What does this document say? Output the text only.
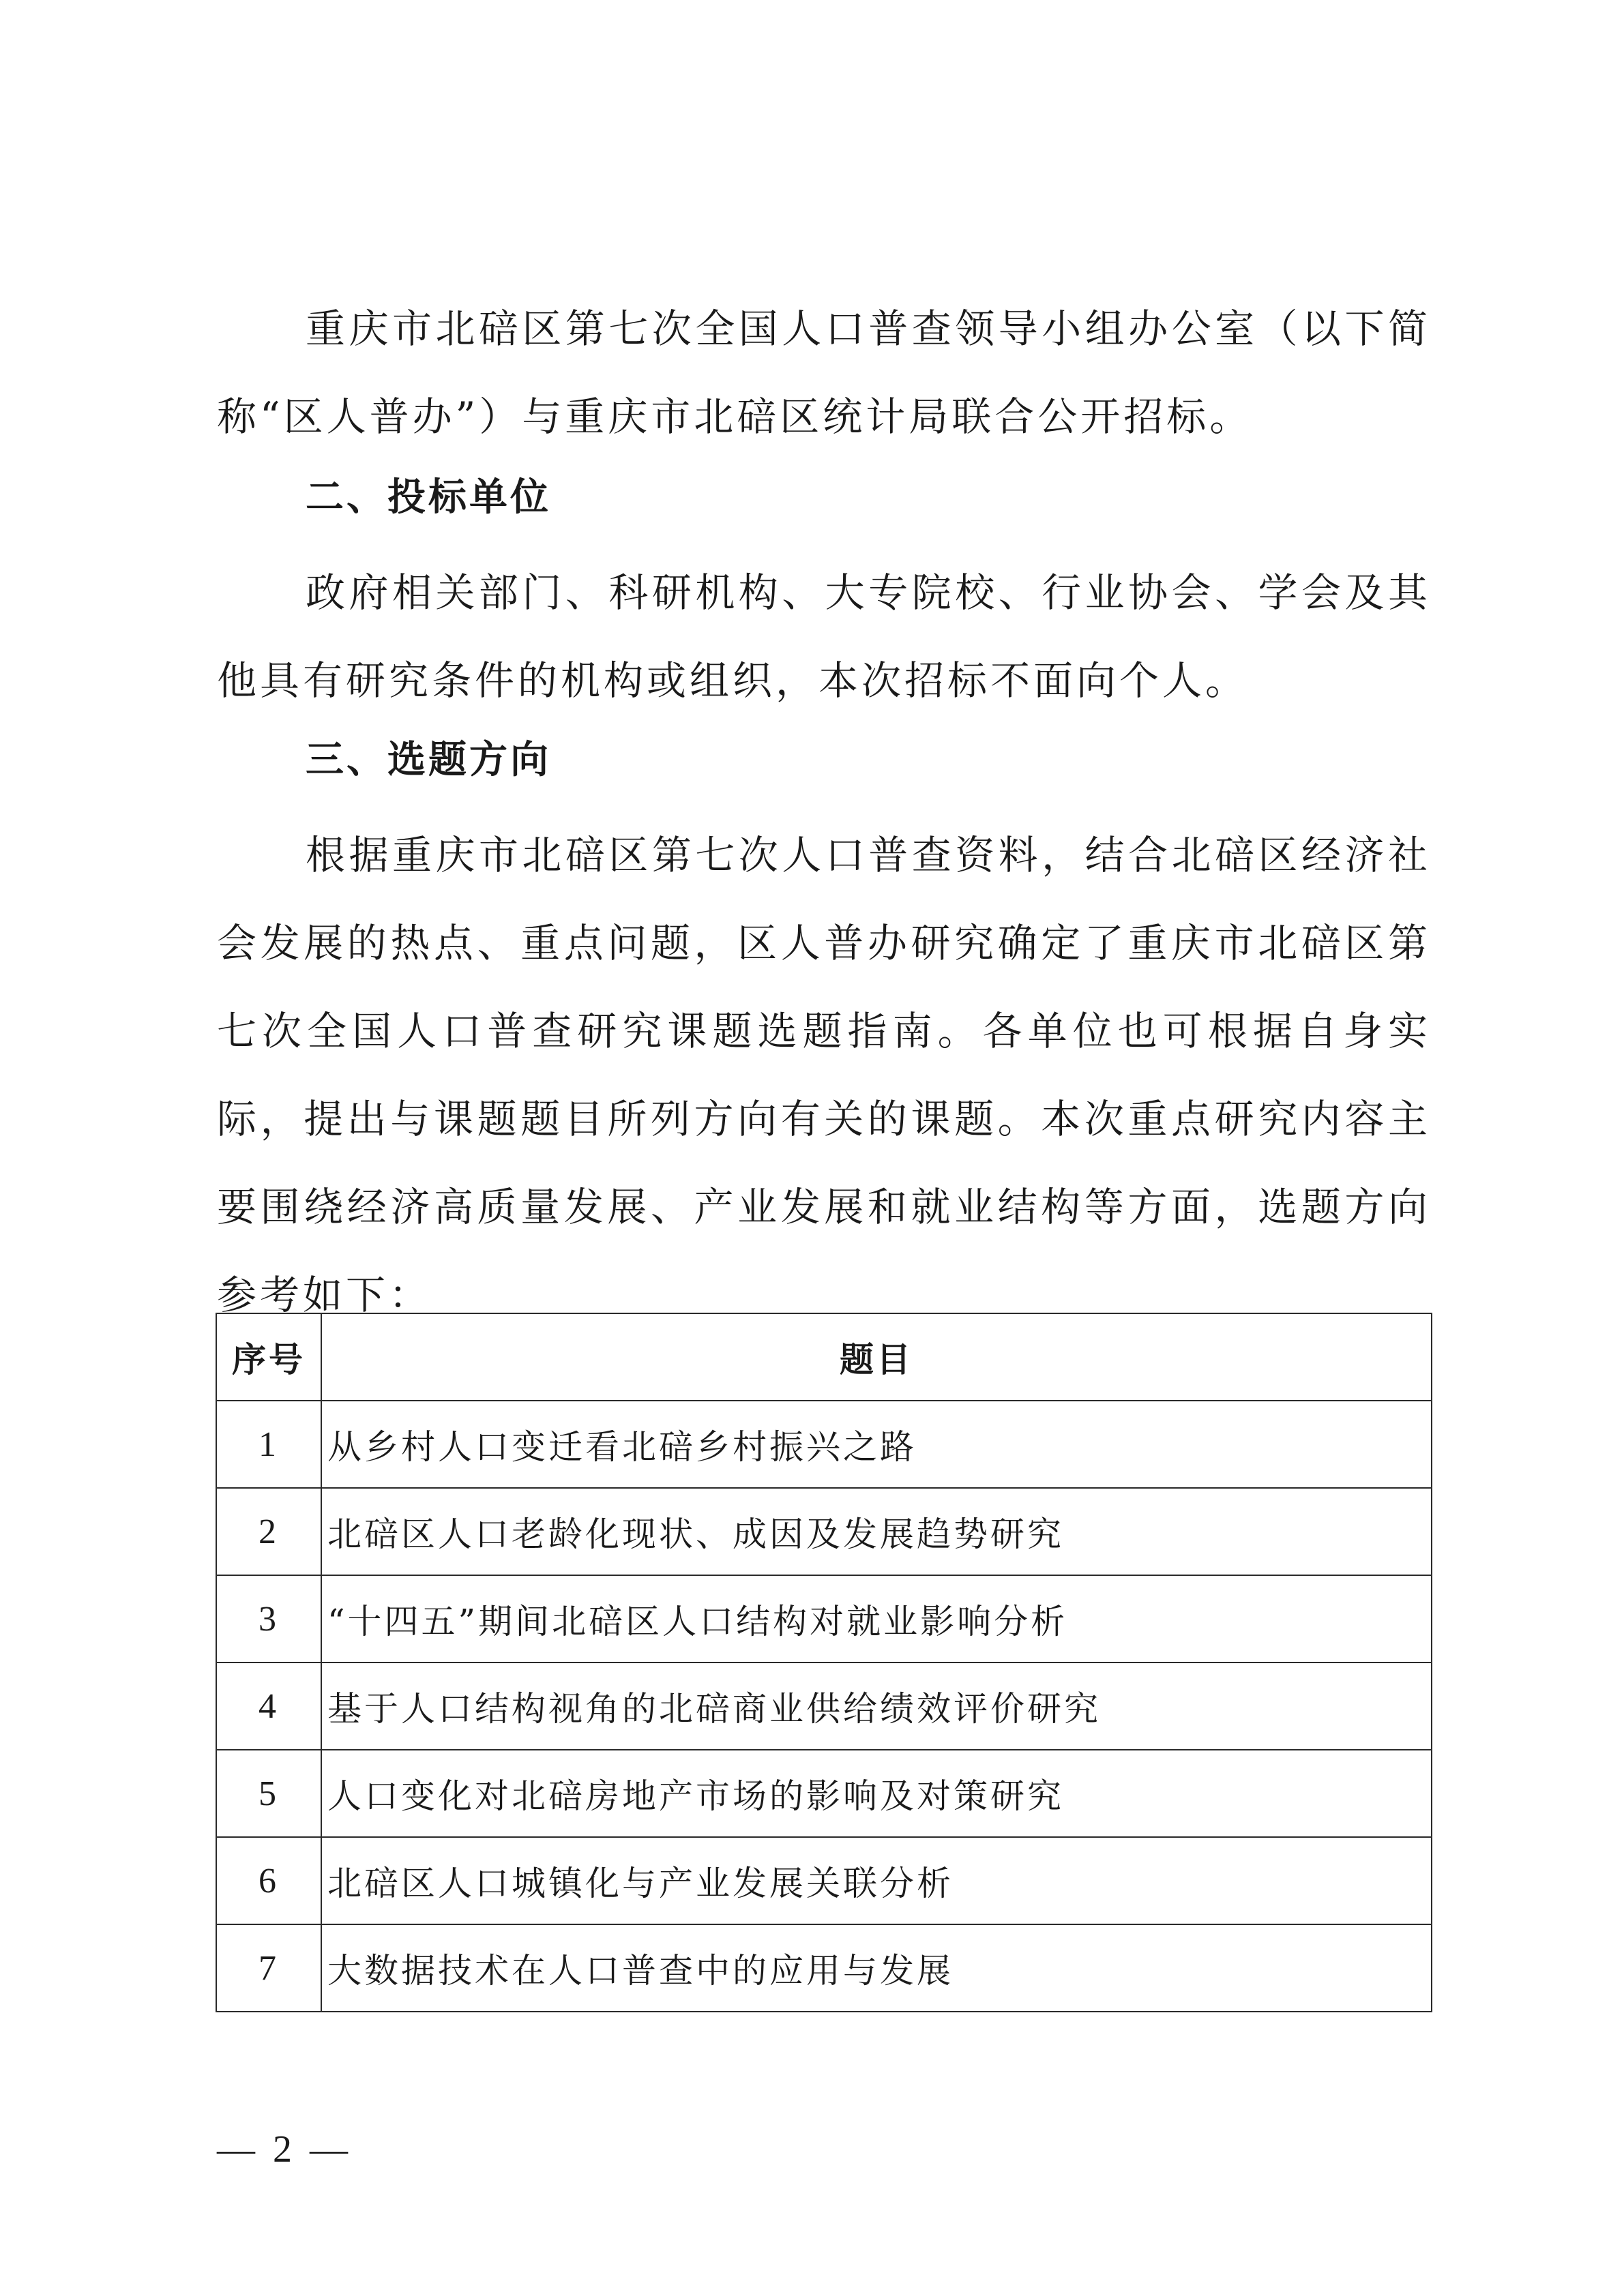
重庆市北碚区第七次全国人口普查领导小组办公室（以下简称“区人普办”）与重庆市北碚区统计局联合公开招标。

二、投标单位

政府相关部门、科研机构、大专院校、行业协会、学会及其他具有研究条件的机构或组织，本次招标不面向个人。

三、选题方向

根据重庆市北碚区第七次人口普查资料，结合北碚区经济社会发展的热点、重点问题，区人普办研究确定了重庆市北碚区第七次全国人口普查研究课题选题指南。各单位也可根据自身实际，提出与课题题目所列方向有关的课题。本次重点研究内容主要围绕经济高质量发展、产业发展和就业结构等方面，选题方向参考如下：

序号	题目
1	从乡村人口变迁看北碚乡村振兴之路
2	北碚区人口老龄化现状、成因及发展趋势研究
3	“十四五”期间北碚区人口结构对就业影响分析
4	基于人口结构视角的北碚商业供给绩效评价研究
5	人口变化对北碚房地产市场的影响及对策研究
6	北碚区人口城镇化与产业发展关联分析
7	大数据技术在人口普查中的应用与发展
— 2 —
